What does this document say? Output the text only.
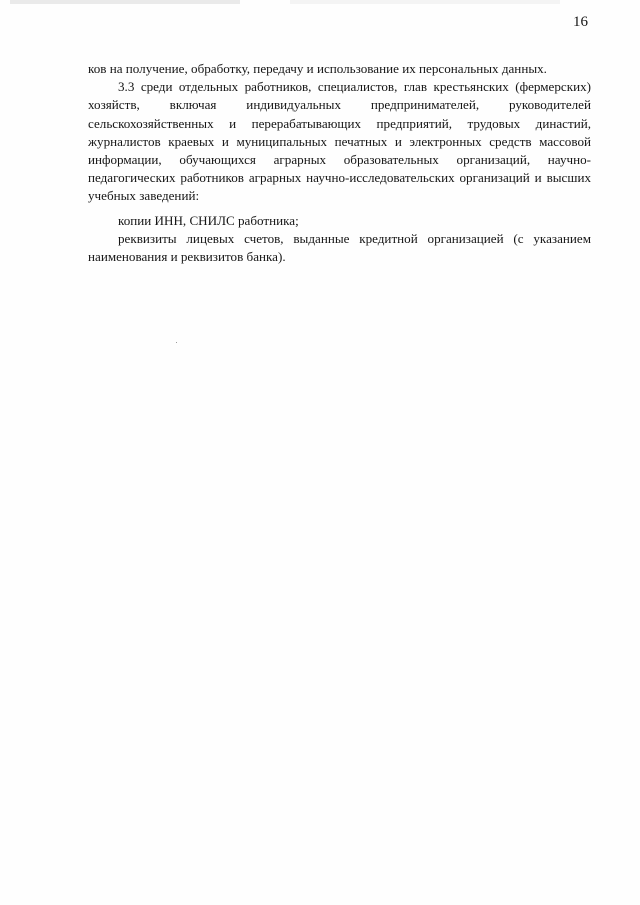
16

ков на получение, обработку, передачу и использование их персональных данных.

3.3 среди отдельных работников, специалистов, глав крестьянских (фермерских) хозяйств, включая индивидуальных предпринимателей, руководителей сельскохозяйственных и перерабатывающих предприятий, трудовых династий, журналистов краевых и муниципальных печатных и электронных средств массовой информации, обучающихся аграрных образовательных организаций, научно-педагогических работников аграрных научно-исследовательских организаций и высших учебных заведений:

копии ИНН, СНИЛС работника;

реквизиты лицевых счетов, выданные кредитной организацией (с указанием наименования и реквизитов банка).
